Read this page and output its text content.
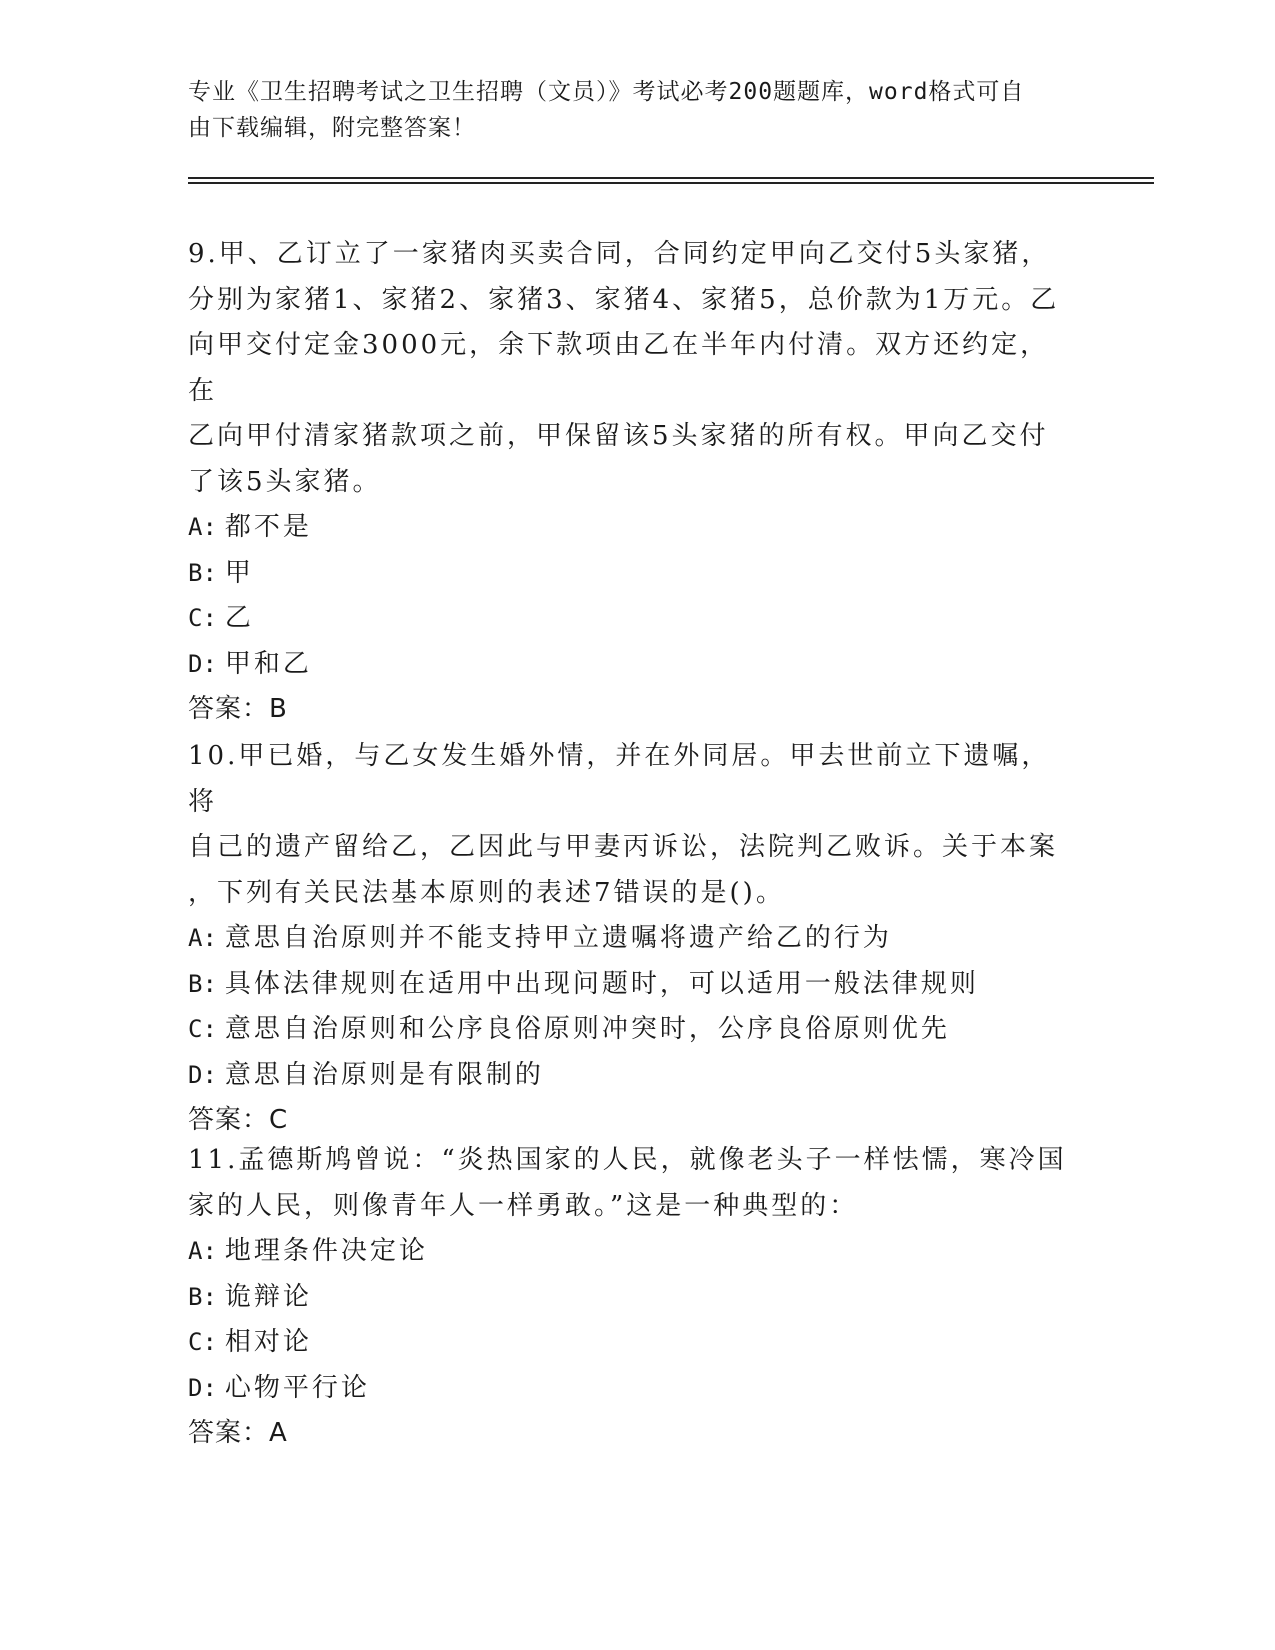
专业《卫生招聘考试之卫生招聘（文员）》考试必考200题题库，word格式可自
由下载编辑，附完整答案！
9.甲、乙订立了一家猪肉买卖合同，合同约定甲向乙交付5头家猪，
分别为家猪1、家猪2、家猪3、家猪4、家猪5，总价款为1万元。乙
向甲交付定金3000元，余下款项由乙在半年内付清。双方还约定，在
乙向甲付清家猪款项之前，甲保留该5头家猪的所有权。甲向乙交付
了该5头家猪。
A: 都不是
B: 甲
C: 乙
D: 甲和乙
答案：B
10.甲已婚，与乙女发生婚外情，并在外同居。甲去世前立下遗嘱，将
自己的遗产留给乙，乙因此与甲妻丙诉讼，法院判乙败诉。关于本案
，下列有关民法基本原则的表述7错误的是()。
A: 意思自治原则并不能支持甲立遗嘱将遗产给乙的行为
B: 具体法律规则在适用中出现问题时，可以适用一般法律规则
C: 意思自治原则和公序良俗原则冲突时，公序良俗原则优先
D: 意思自治原则是有限制的
答案：C
11.孟德斯鸠曾说：“炎热国家的人民，就像老头子一样怯懦，寒冷国
家的人民，则像青年人一样勇敢。”这是一种典型的：
A: 地理条件决定论
B: 诡辩论
C: 相对论
D: 心物平行论
答案：A
